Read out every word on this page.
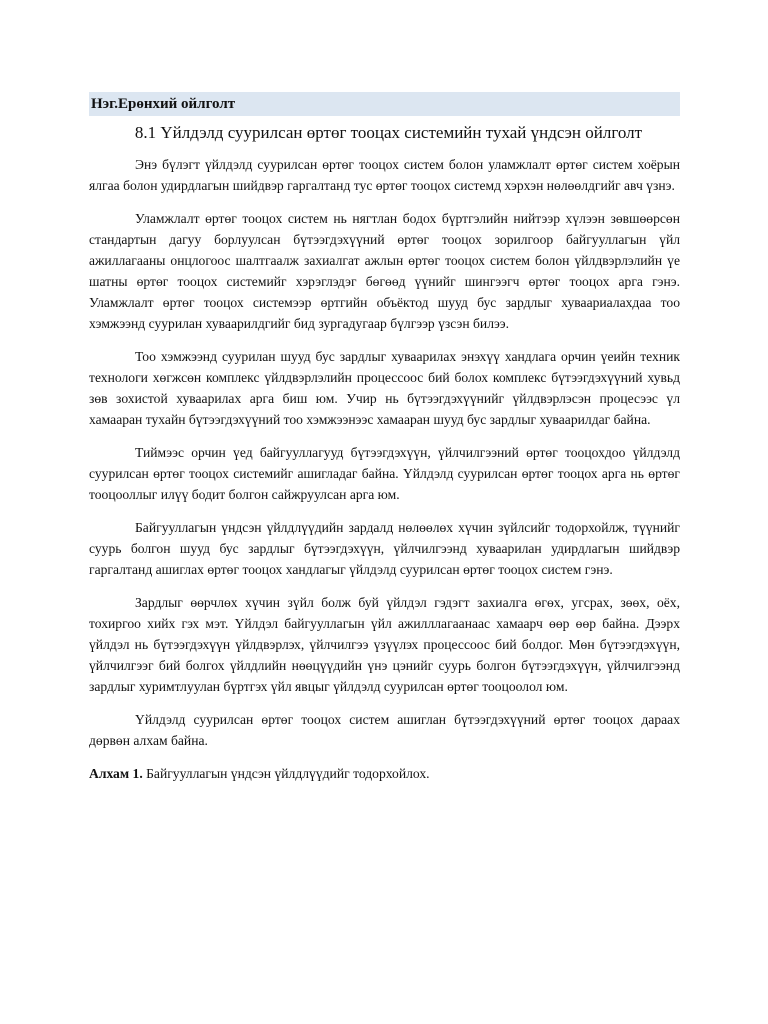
Нэг.Ерөнхий ойлголт
8.1 Үйлдэлд суурилсан өртөг тооцах системийн тухай үндсэн ойлголт

Энэ бүлэгт үйлдэлд суурилсан өртөг тооцох систем болон уламжлалт өртөг систем хоёрын ялгаа болон удирдлагын шийдвэр гаргалтанд тус өртөг тооцох системд хэрхэн нөлөөлдгийг авч үзнэ.

Уламжлалт өртөг тооцох систем нь нягтлан бодох бүртгэлийн нийтээр хүлээн зөвшөөрсөн стандартын дагуу борлуулсан бүтээгдэхүүний өртөг тооцох зорилгоор байгууллагын үйл ажиллагааны онцлогоос шалтгаалж захиалгат ажлын өртөг тооцох систем болон үйлдвэрлэлийн үе шатны өртөг тооцох системийг хэрэглэдэг бөгөөд үүнийг шингээгч өртөг тооцох арга гэнэ. Уламжлалт өртөг тооцох системээр өртгийн объёктод шууд бус зардлыг хуваариалахдаа тоо хэмжээнд суурилан хуваарилдгийг бид зургадугаар бүлгээр үзсэн билээ.

Тоо хэмжээнд суурилан шууд бус зардлыг хуваарилах энэхүү хандлага орчин үеийн техник технологи хөгжсөн комплекс үйлдвэрлэлийн процессоос бий болох комплекс бүтээгдэхүүний хувьд зөв зохистой хуваарилах арга биш юм. Учир нь бүтээгдэхүүнийг үйлдвэрлэсэн процесээс үл хамааран тухайн бүтээгдэхүүний тоо хэмжээнээс хамааран шууд бус зардлыг хуваарилдаг байна.

Тиймээс орчин үед байгууллагууд бүтээгдэхүүн, үйлчилгээний өртөг тооцохдоо үйлдэлд суурилсан өртөг тооцох системийг ашигладаг байна. Үйлдэлд суурилсан өртөг тооцох арга нь өртөг тооцооллыг илүү бодит болгон сайжруулсан арга юм.

Байгууллагын үндсэн үйлдлүүдийн зардалд нөлөөлөх хүчин зүйлсийг тодорхойлж, түүнийг суурь болгон шууд бус зардлыг бүтээгдэхүүн, үйлчилгээнд хуваарилан удирдлагын шийдвэр гаргалтанд ашиглах өртөг тооцох хандлагыг үйлдэлд суурилсан өртөг тооцох систем гэнэ.

Зардлыг өөрчлөх хүчин зүйл болж буй үйлдэл гэдэгт захиалга өгөх, угсрах, зөөх, оёх, тохиргоо хийх гэх мэт. Үйлдэл байгууллагын үйл ажилллагаанаас хамаарч өөр өөр байна. Дээрх үйлдэл нь бүтээгдэхүүн үйлдвэрлэх, үйлчилгээ үзүүлэх процессоос бий болдог. Мөн бүтээгдэхүүн, үйлчилгээг бий болгох үйлдлийн нөөцүүдийн үнэ цэнийг суурь болгон бүтээгдэхүүн, үйлчилгээнд зардлыг хуримтлуулан бүртгэх үйл явцыг үйлдэлд суурилсан өртөг тооцоолол юм.

Үйлдэлд суурилсан өртөг тооцох систем ашиглан бүтээгдэхүүний өртөг тооцох дараах дөрвөн алхам байна.

Алхам 1. Байгууллагын үндсэн үйлдлүүдийг тодорхойлох.
